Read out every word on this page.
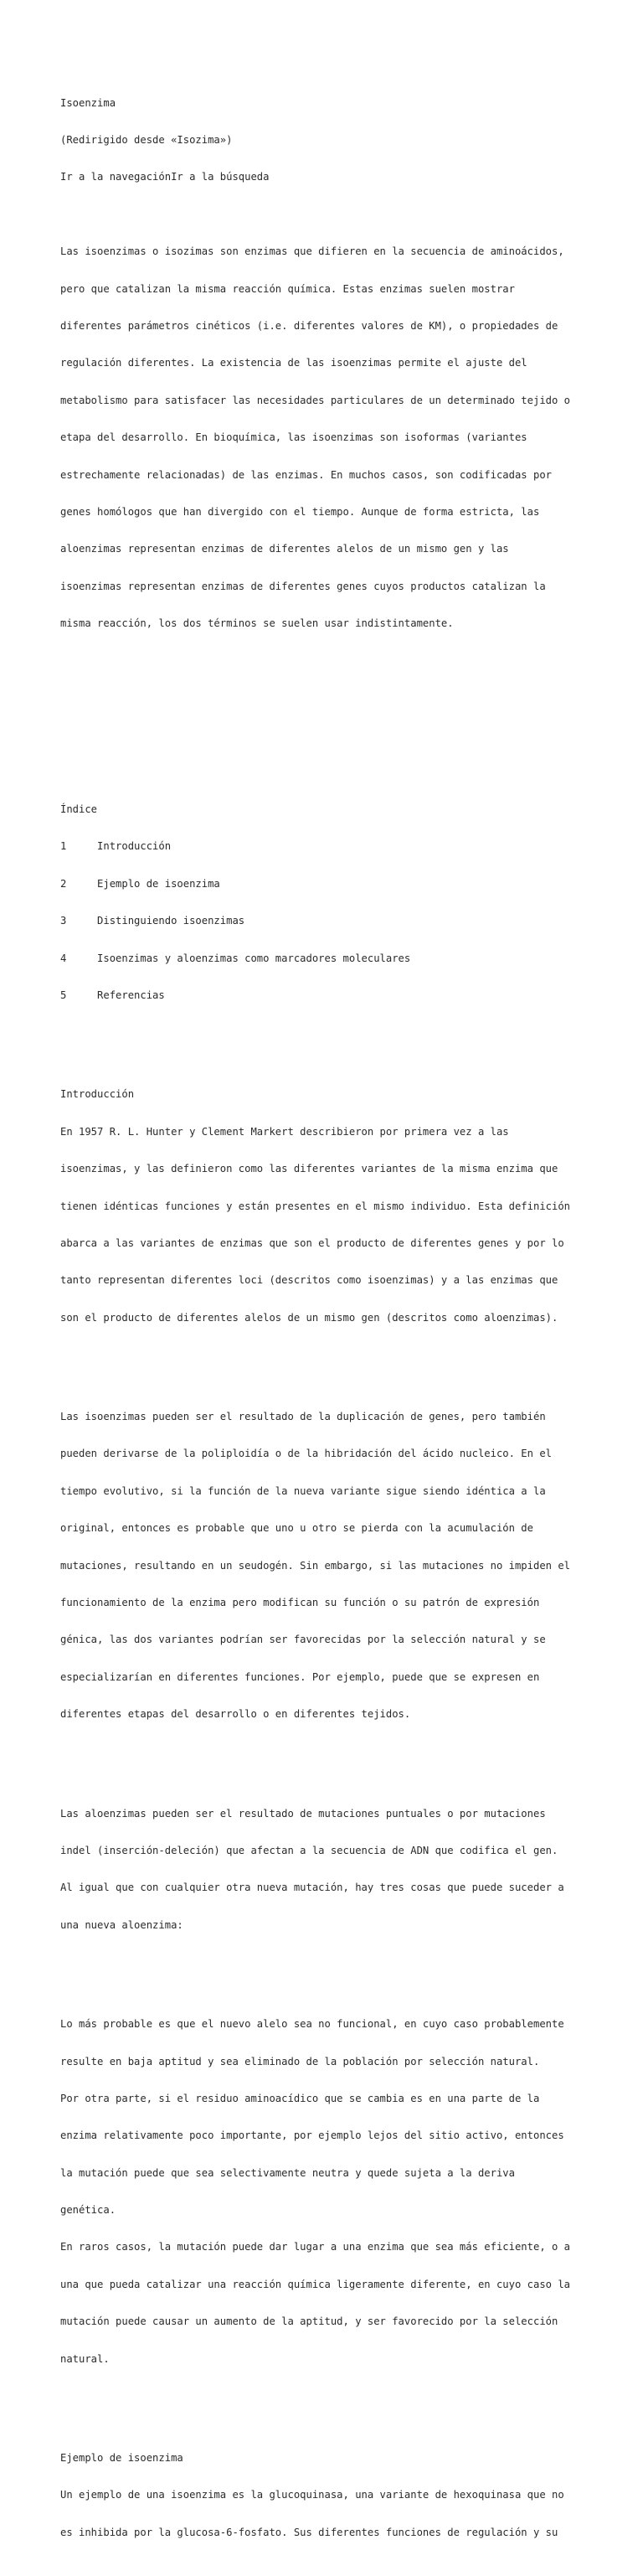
Isoenzima

(Redirigido desde «Isozima»)

Ir a la navegaciónIr a la búsqueda

Las isoenzimas o isozimas son enzimas que difieren en la secuencia de aminoácidos,

pero que catalizan la misma reacción química. Estas enzimas suelen mostrar

diferentes parámetros cinéticos (i.e. diferentes valores de KM), o propiedades de

regulación diferentes. La existencia de las isoenzimas permite el ajuste del

metabolismo para satisfacer las necesidades particulares de un determinado tejido o

etapa del desarrollo. En bioquímica, las isoenzimas son isoformas (variantes

estrechamente relacionadas) de las enzimas. En muchos casos, son codificadas por

genes homólogos que han divergido con el tiempo. Aunque de forma estricta, las

aloenzimas representan enzimas de diferentes alelos de un mismo gen y las

isoenzimas representan enzimas de diferentes genes cuyos productos catalizan la

misma reacción, los dos términos se suelen usar indistintamente.

Índice

1     Introducción

2     Ejemplo de isoenzima

3     Distinguiendo isoenzimas

4     Isoenzimas y aloenzimas como marcadores moleculares

5     Referencias

Introducción

En 1957 R. L. Hunter y Clement Markert describieron por primera vez a las

isoenzimas, y las definieron como las diferentes variantes de la misma enzima que

tienen idénticas funciones y están presentes en el mismo individuo. Esta definición

abarca a las variantes de enzimas que son el producto de diferentes genes y por lo

tanto representan diferentes loci (descritos como isoenzimas) y a las enzimas que

son el producto de diferentes alelos de un mismo gen (descritos como aloenzimas).

Las isoenzimas pueden ser el resultado de la duplicación de genes, pero también

pueden derivarse de la poliploidía o de la hibridación del ácido nucleico. En el

tiempo evolutivo, si la función de la nueva variante sigue siendo idéntica a la

original, entonces es probable que uno u otro se pierda con la acumulación de

mutaciones, resultando en un seudogén. Sin embargo, si las mutaciones no impiden el

funcionamiento de la enzima pero modifican su función o su patrón de expresión

génica, las dos variantes podrían ser favorecidas por la selección natural y se

especializarían en diferentes funciones. Por ejemplo, puede que se expresen en

diferentes etapas del desarrollo o en diferentes tejidos.

Las aloenzimas pueden ser el resultado de mutaciones puntuales o por mutaciones

indel (inserción-deleción) que afectan a la secuencia de ADN que codifica el gen.

Al igual que con cualquier otra nueva mutación, hay tres cosas que puede suceder a

una nueva aloenzima:

Lo más probable es que el nuevo alelo sea no funcional, en cuyo caso probablemente

resulte en baja aptitud y sea eliminado de la población por selección natural.

Por otra parte, si el residuo aminoacídico que se cambia es en una parte de la

enzima relativamente poco importante, por ejemplo lejos del sitio activo, entonces

la mutación puede que sea selectivamente neutra y quede sujeta a la deriva

genética.

En raros casos, la mutación puede dar lugar a una enzima que sea más eficiente, o a

una que pueda catalizar una reacción química ligeramente diferente, en cuyo caso la

mutación puede causar un aumento de la aptitud, y ser favorecido por la selección

natural.

Ejemplo de isoenzima

Un ejemplo de una isoenzima es la glucoquinasa, una variante de hexoquinasa que no

es inhibida por la glucosa-6-fosfato. Sus diferentes funciones de regulación y su
